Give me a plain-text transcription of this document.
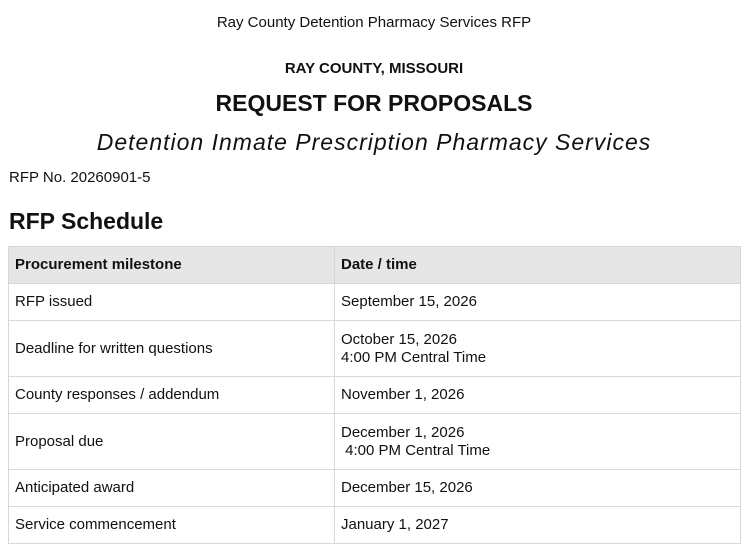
Ray County Detention Pharmacy Services RFP
RAY COUNTY, MISSOURI
REQUEST FOR PROPOSALS
Detention Inmate Prescription Pharmacy Services
RFP No. 20260901-5
RFP Schedule
Procurement milestone	Date / time
RFP issued	September 15, 2026

Deadline for written questions	October 15, 2026
4:00 PM Central Time

County responses / addendum	November 1, 2026

Proposal due	December 1, 2026
4:00 PM Central Time

Anticipated award	December 15, 2026

Service commencement	January 1, 2027
